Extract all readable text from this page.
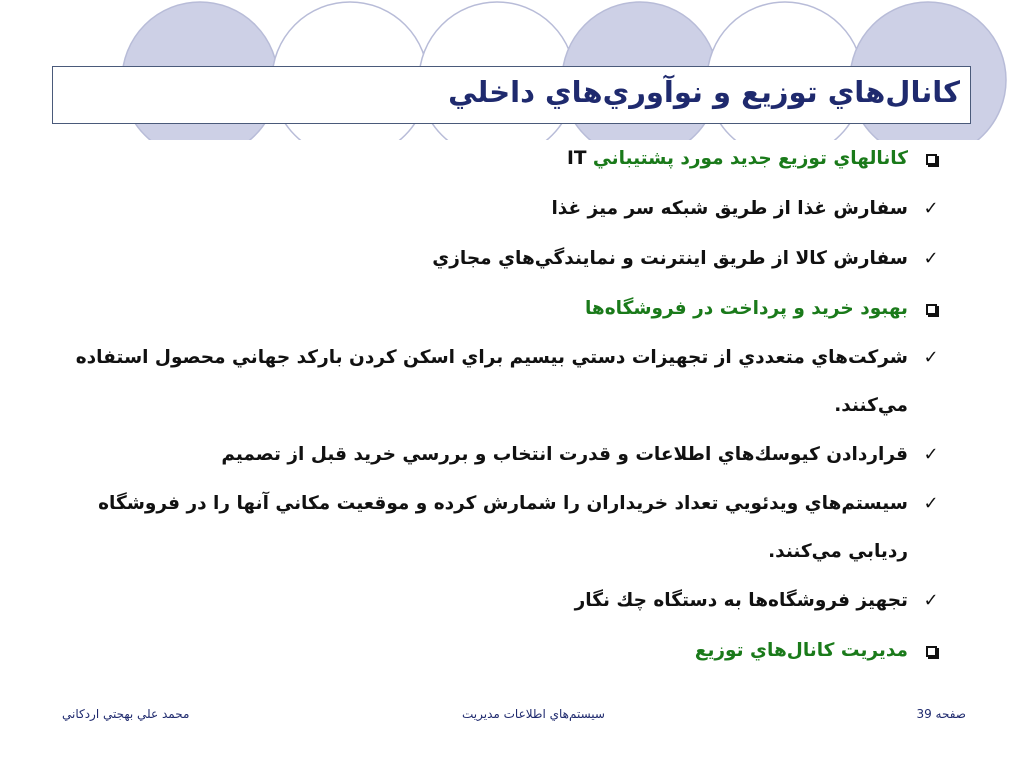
كانال‌هاي توزيع و نوآوري‌هاي داخلي
كانالهاي توزيع جديد مورد پشتيباني IT
✓
سفارش غذا از طريق شبكه سر ميز غذا
✓
سفارش كالا از طريق اينترنت و نمايندگي‌هاي مجازي
بهبود خريد و پرداخت در فروشگاه‌ها
✓
شركت‌هاي متعددي از تجهيزات دستي بيسيم براي اسكن كردن باركد جهاني محصول استفاده مي‌كنند.
✓
قراردادن كيوسك‌هاي اطلاعات و قدرت انتخاب و بررسي خريد قبل از تصميم
✓
سيستم‌هاي ويدئويي تعداد خريداران را شمارش كرده و موقعيت مكاني آنها را در فروشگاه رديابي مي‌كنند.
✓
تجهيز فروشگاه‌ها به دستگاه چك نگار
مديريت كانال‌هاي توزيع
صفحه 39
سيستم‌هاي اطلاعات مديريت
محمد علي بهجتي اردكاني
